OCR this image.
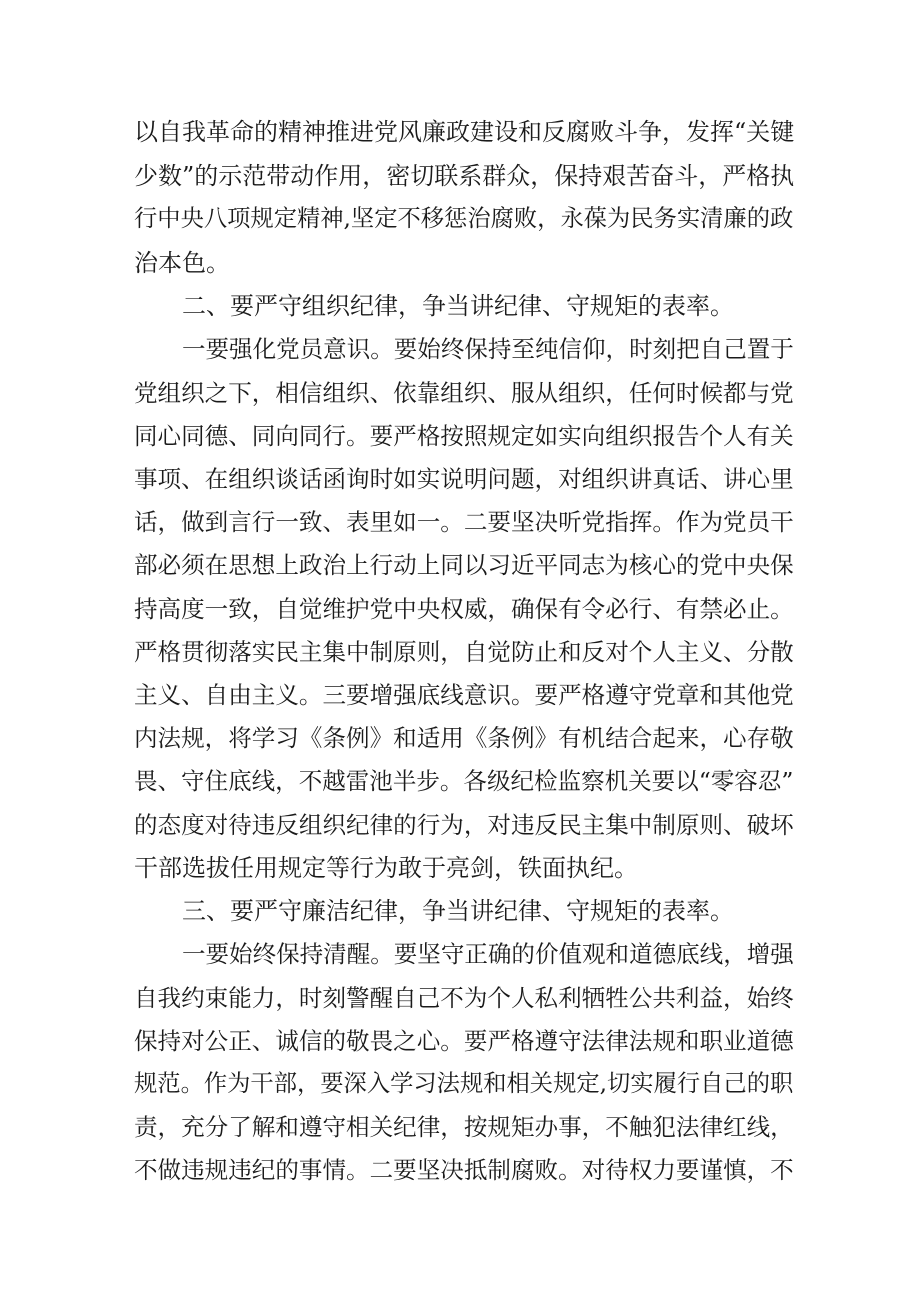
以自我革命的精神推进党风廉政建设和反腐败斗争，发挥“关键
少数”的示范带动作用，密切联系群众，保持艰苦奋斗，严格执
行中央八项规定精神,坚定不移惩治腐败，永葆为民务实清廉的政
治本色。
二、要严守组织纪律，争当讲纪律、守规矩的表率。
一要强化党员意识。要始终保持至纯信仰，时刻把自己置于
党组织之下，相信组织、依靠组织、服从组织，任何时候都与党
同心同德、同向同行。要严格按照规定如实向组织报告个人有关
事项、在组织谈话函询时如实说明问题，对组织讲真话、讲心里
话，做到言行一致、表里如一。二要坚决听党指挥。作为党员干
部必须在思想上政治上行动上同以习近平同志为核心的党中央保
持高度一致，自觉维护党中央权威，确保有令必行、有禁必止。
严格贯彻落实民主集中制原则，自觉防止和反对个人主义、分散
主义、自由主义。三要增强底线意识。要严格遵守党章和其他党
内法规，将学习《条例》和适用《条例》有机结合起来，心存敬
畏、守住底线，不越雷池半步。各级纪检监察机关要以“零容忍”
的态度对待违反组织纪律的行为，对违反民主集中制原则、破坏
干部选拔任用规定等行为敢于亮剑，铁面执纪。
三、要严守廉洁纪律，争当讲纪律、守规矩的表率。
一要始终保持清醒。要坚守正确的价值观和道德底线，增强
自我约束能力，时刻警醒自己不为个人私利牺牲公共利益，始终
保持对公正、诚信的敬畏之心。要严格遵守法律法规和职业道德
规范。作为干部，要深入学习法规和相关规定,切实履行自己的职
责，充分了解和遵守相关纪律，按规矩办事，不触犯法律红线，
不做违规违纪的事情。二要坚决抵制腐败。对待权力要谨慎，不
